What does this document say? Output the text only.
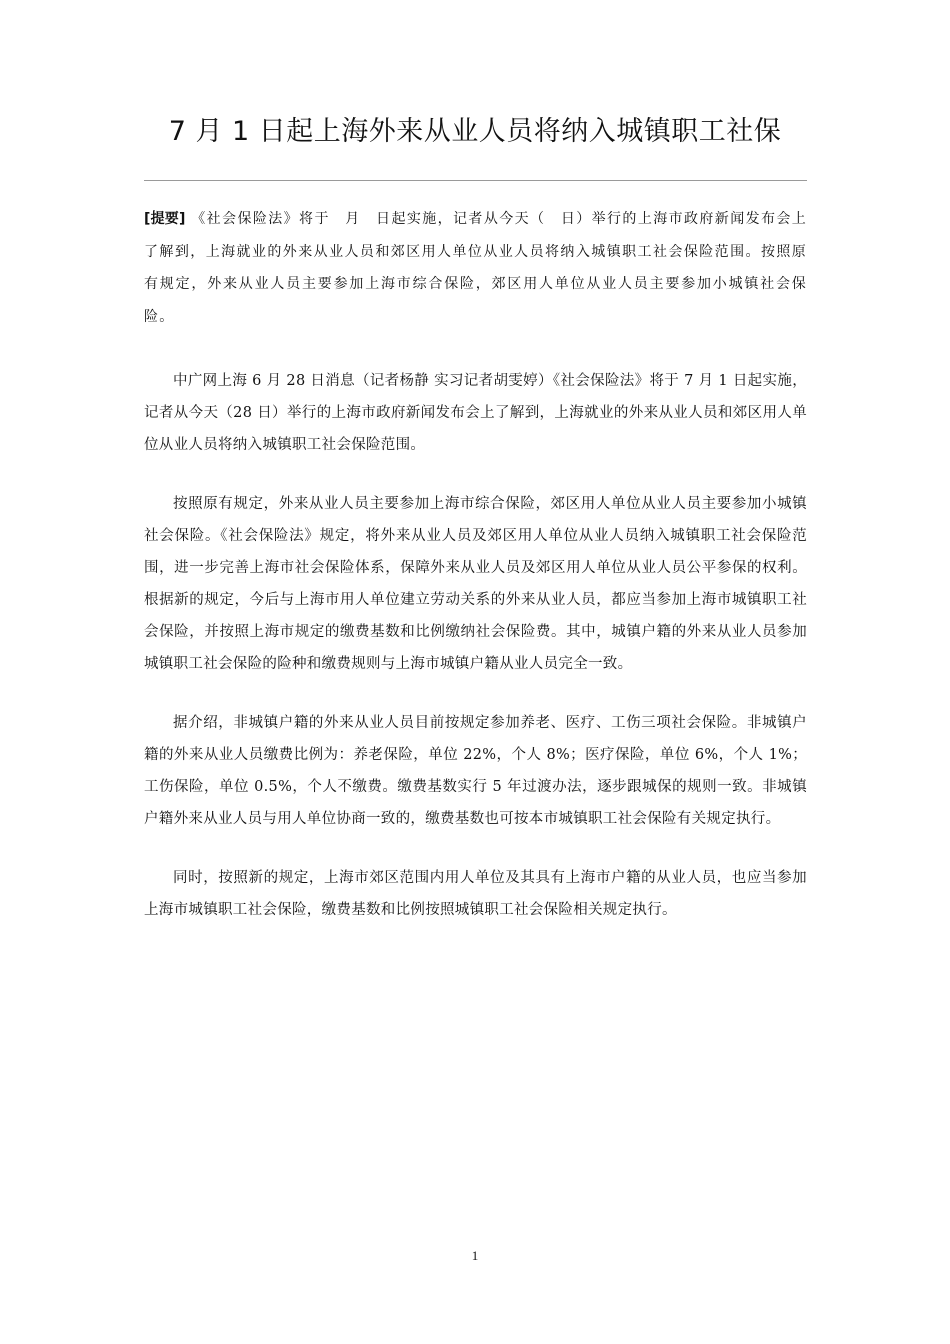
7 月 1 日起上海外来从业人员将纳入城镇职工社保

[提要] 《社会保险法》将于　月　日起实施，记者从今天（　日）举行的上海市政府新闻发布会上了解到，上海就业的外来从业人员和郊区用人单位从业人员将纳入城镇职工社会保险范围。按照原有规定，外来从业人员主要参加上海市综合保险，郊区用人单位从业人员主要参加小城镇社会保险。

中广网上海 6 月 28 日消息（记者杨静 实习记者胡雯婷）《社会保险法》将于 7 月 1 日起实施，记者从今天（28 日）举行的上海市政府新闻发布会上了解到，上海就业的外来从业人员和郊区用人单位从业人员将纳入城镇职工社会保险范围。

按照原有规定，外来从业人员主要参加上海市综合保险，郊区用人单位从业人员主要参加小城镇社会保险。《社会保险法》规定，将外来从业人员及郊区用人单位从业人员纳入城镇职工社会保险范围，进一步完善上海市社会保险体系，保障外来从业人员及郊区用人单位从业人员公平参保的权利。根据新的规定，今后与上海市用人单位建立劳动关系的外来从业人员，都应当参加上海市城镇职工社会保险，并按照上海市规定的缴费基数和比例缴纳社会保险费。其中，城镇户籍的外来从业人员参加城镇职工社会保险的险种和缴费规则与上海市城镇户籍从业人员完全一致。

据介绍，非城镇户籍的外来从业人员目前按规定参加养老、医疗、工伤三项社会保险。非城镇户籍的外来从业人员缴费比例为：养老保险，单位 22%，个人 8%；医疗保险，单位 6%，个人 1%；工伤保险，单位 0.5%，个人不缴费。缴费基数实行 5 年过渡办法，逐步跟城保的规则一致。非城镇户籍外来从业人员与用人单位协商一致的，缴费基数也可按本市城镇职工社会保险有关规定执行。

同时，按照新的规定，上海市郊区范围内用人单位及其具有上海市户籍的从业人员，也应当参加上海市城镇职工社会保险，缴费基数和比例按照城镇职工社会保险相关规定执行。

1
